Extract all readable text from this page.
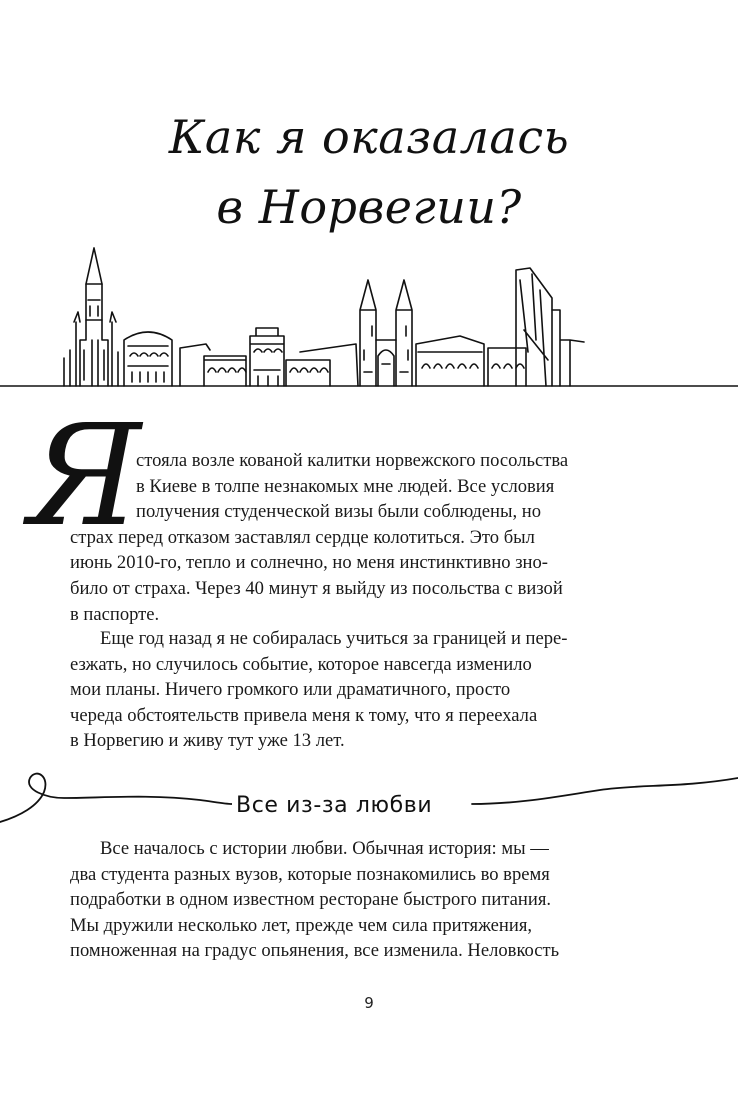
Как я оказалась
в Норвегии?
Я
стояла возле кованой калитки норвежского посольства
в Киеве в толпе незнакомых мне людей. Все условия
получения студенческой визы были соблюдены, но
страх перед отказом заставлял сердце колотиться. Это был
июнь 2010-го, тепло и солнечно, но меня инстинктивно зно-
било от страха. Через 40 минут я выйду из посольства с визой
в паспорте.
Еще год назад я не собиралась учиться за границей и пере-
езжать, но случилось событие, которое навсегда изменило
мои планы. Ничего громкого или драматичного, просто
череда обстоятельств привела меня к тому, что я переехала
в Норвегию и живу тут уже 13 лет.
Все из-за любви
Все началось с истории любви. Обычная история: мы —
два студента разных вузов, которые познакомились во время
подработки в одном известном ресторане быстрого питания.
Мы дружили несколько лет, прежде чем сила притяжения,
помноженная на градус опьянения, все изменила. Неловкость
9
